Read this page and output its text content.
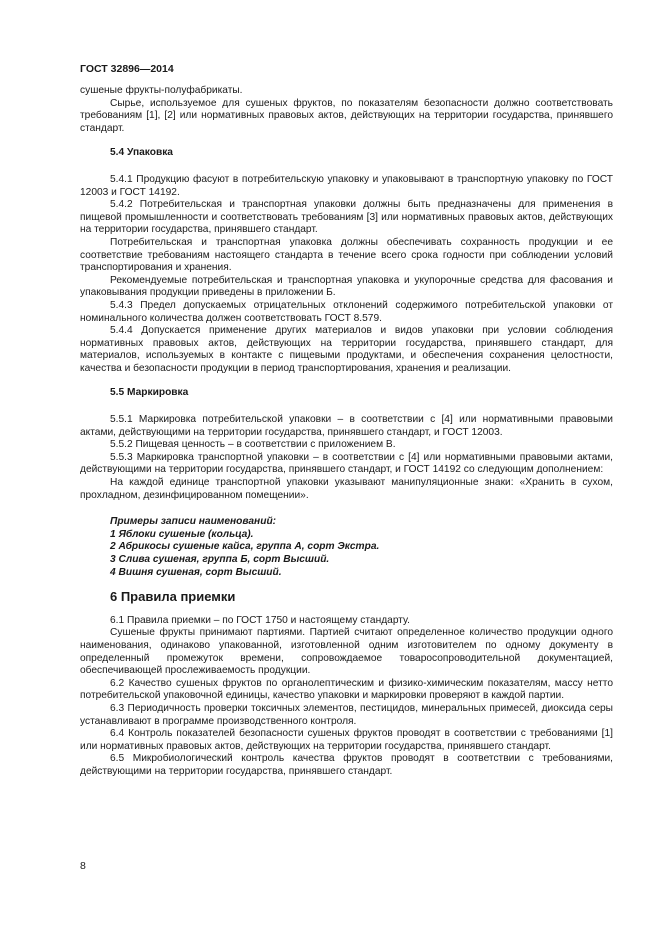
ГОСТ 32896—2014

сушеные фрукты-полуфабрикаты.

Сырье, используемое для сушеных фруктов, по показателям безопасности должно соответствовать требованиям [1], [2] или нормативных правовых актов, действующих на территории государства, принявшего стандарт.

5.4 Упаковка

5.4.1 Продукцию фасуют в потребительскую упаковку и упаковывают в транспортную упаковку по ГОСТ 12003 и ГОСТ 14192.

5.4.2 Потребительская и транспортная упаковки должны быть предназначены для применения в пищевой промышленности и соответствовать требованиям [3] или нормативных правовых актов, действующих на территории государства, принявшего стандарт.

Потребительская и транспортная упаковка должны обеспечивать сохранность продукции и ее соответствие требованиям настоящего стандарта в течение всего срока годности при соблюдении условий транспортирования и хранения.

Рекомендуемые потребительская и транспортная упаковка и укупорочные средства для фасования и упаковывания продукции приведены в приложении Б.

5.4.3 Предел допускаемых отрицательных отклонений содержимого потребительской упаковки от номинального количества должен соответствовать ГОСТ 8.579.

5.4.4 Допускается применение других материалов и видов упаковки при условии соблюдения нормативных правовых актов, действующих на территории государства, принявшего стандарт, для материалов, используемых в контакте с пищевыми продуктами, и обеспечения сохранения целостности, качества и безопасности продукции в период транспортирования, хранения и реализации.

5.5 Маркировка

5.5.1 Маркировка потребительской упаковки – в соответствии с [4] или нормативными правовыми актами, действующими на территории государства, принявшего стандарт, и ГОСТ 12003.

5.5.2 Пищевая ценность – в соответствии с приложением В.

5.5.3 Маркировка транспортной упаковки – в соответствии с [4] или нормативными правовыми актами, действующими на территории государства, принявшего стандарт, и ГОСТ 14192 со следующим дополнением:

На каждой единице транспортной упаковки указывают манипуляционные знаки: «Хранить в сухом, прохладном, дезинфицированном помещении».

Примеры записи наименований:

1 Яблоки сушеные (кольца).

2 Абрикосы сушеные кайса, группа А, сорт Экстра.

3 Слива сушеная, группа Б, сорт Высший.

4 Вишня сушеная, сорт Высший.

6 Правила приемки

6.1 Правила приемки – по ГОСТ 1750 и настоящему стандарту.

Сушеные фрукты принимают партиями. Партией считают определенное количество продукции одного наименования, одинаково упакованной, изготовленной одним изготовителем по одному документу в определенный промежуток времени, сопровождаемое товаросопроводительной документацией, обеспечивающей прослеживаемость продукции.

6.2 Качество сушеных фруктов по органолептическим и физико-химическим показателям, массу нетто потребительской упаковочной единицы, качество упаковки и маркировки проверяют в каждой партии.

6.3 Периодичность проверки токсичных элементов, пестицидов, минеральных примесей, диоксида серы устанавливают в программе производственного контроля.

6.4 Контроль показателей безопасности сушеных фруктов проводят в соответствии с требованиями [1] или нормативных правовых актов, действующих на территории государства, принявшего стандарт.

6.5 Микробиологический контроль качества фруктов проводят в соответствии с требованиями, действующими на территории государства, принявшего стандарт.

8
